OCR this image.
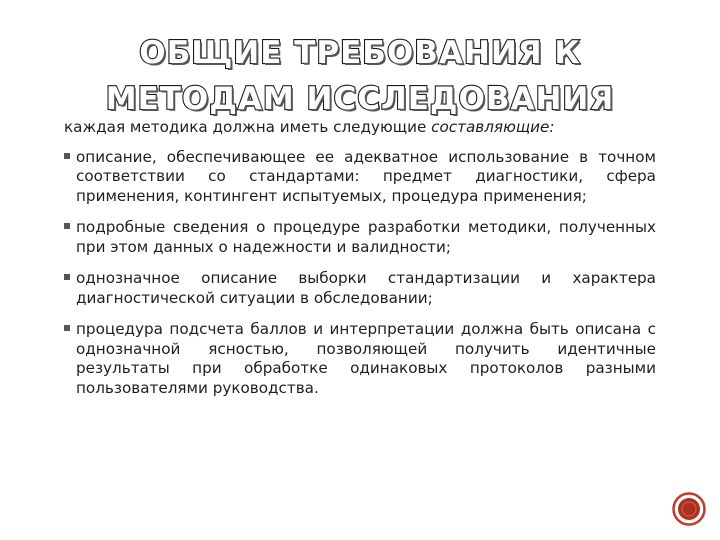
ОБЩИЕ ТРЕБОВАНИЯ К
МЕТОДАМ ИССЛЕДОВАНИЯ

каждая методика должна иметь следующие составляющие:

описание, обеспечивающее ее адекватное использование в точном соответствии со стандартами: предмет диагностики, сфера применения, контингент испытуемых, процедура применения;
подробные сведения о процедуре разработки методики, полученных при этом данных о надежности и валидности;
однозначное описание выборки стандартизации и характера диагностической ситуации в обследовании;
процедура подсчета баллов и интерпретации должна быть описана с однозначной ясностью, позволяющей получить идентичные результаты при обработке одинаковых протоколов разными пользователями руководства.
